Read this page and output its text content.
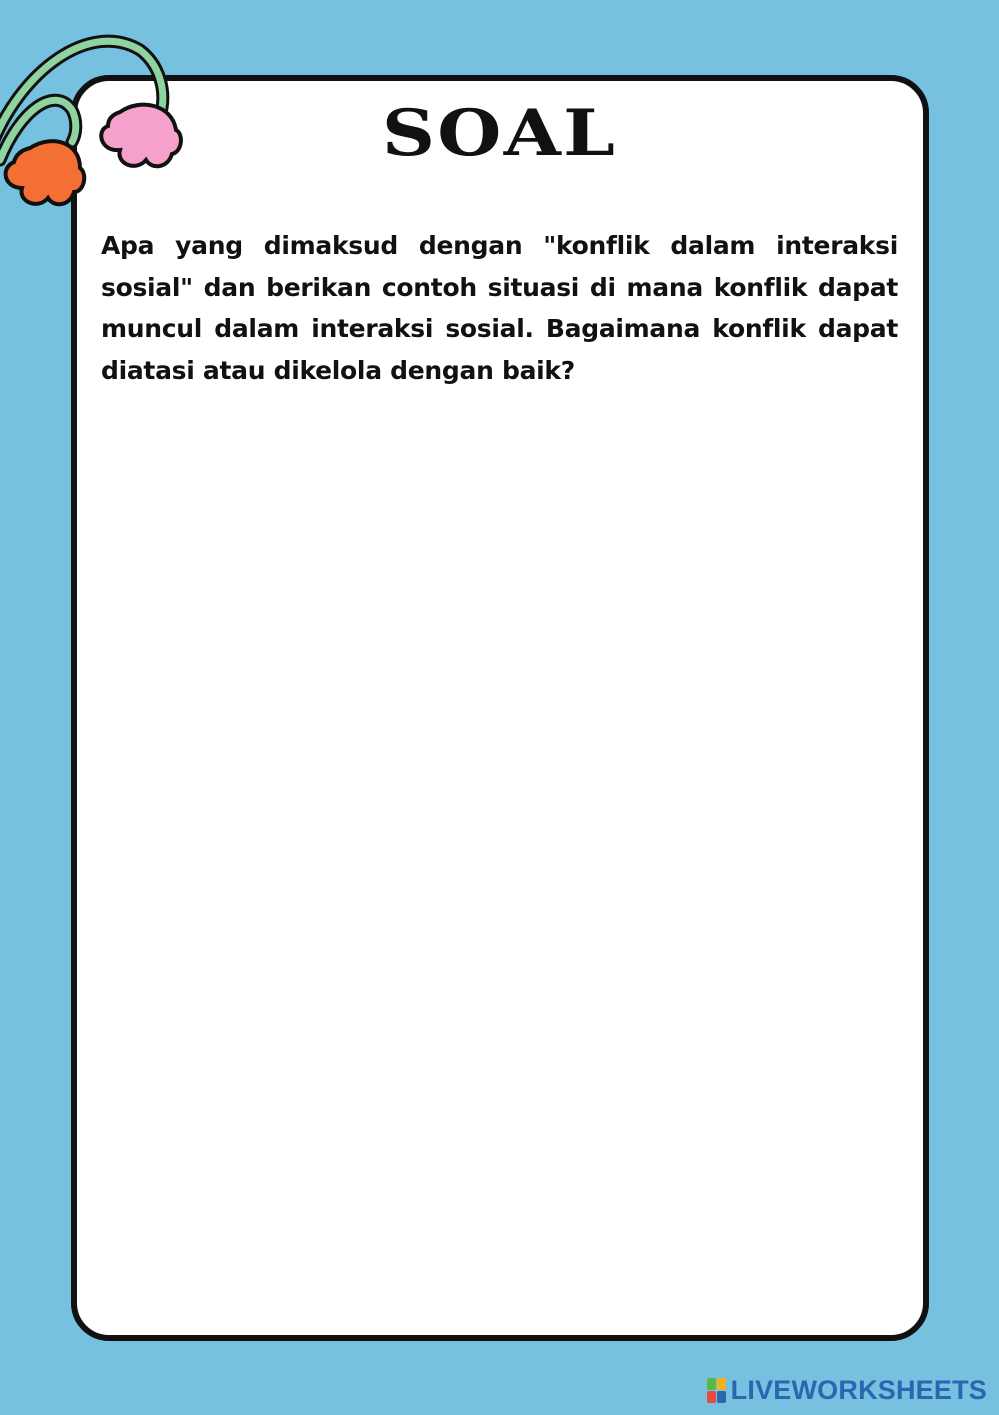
SOAL
Apa yang dimaksud dengan "konflik dalam interaksi sosial" dan berikan contoh situasi di mana konflik dapat muncul dalam interaksi sosial. Bagaimana konflik dapat diatasi atau dikelola dengan baik?
LIVEWORKSHEETS
